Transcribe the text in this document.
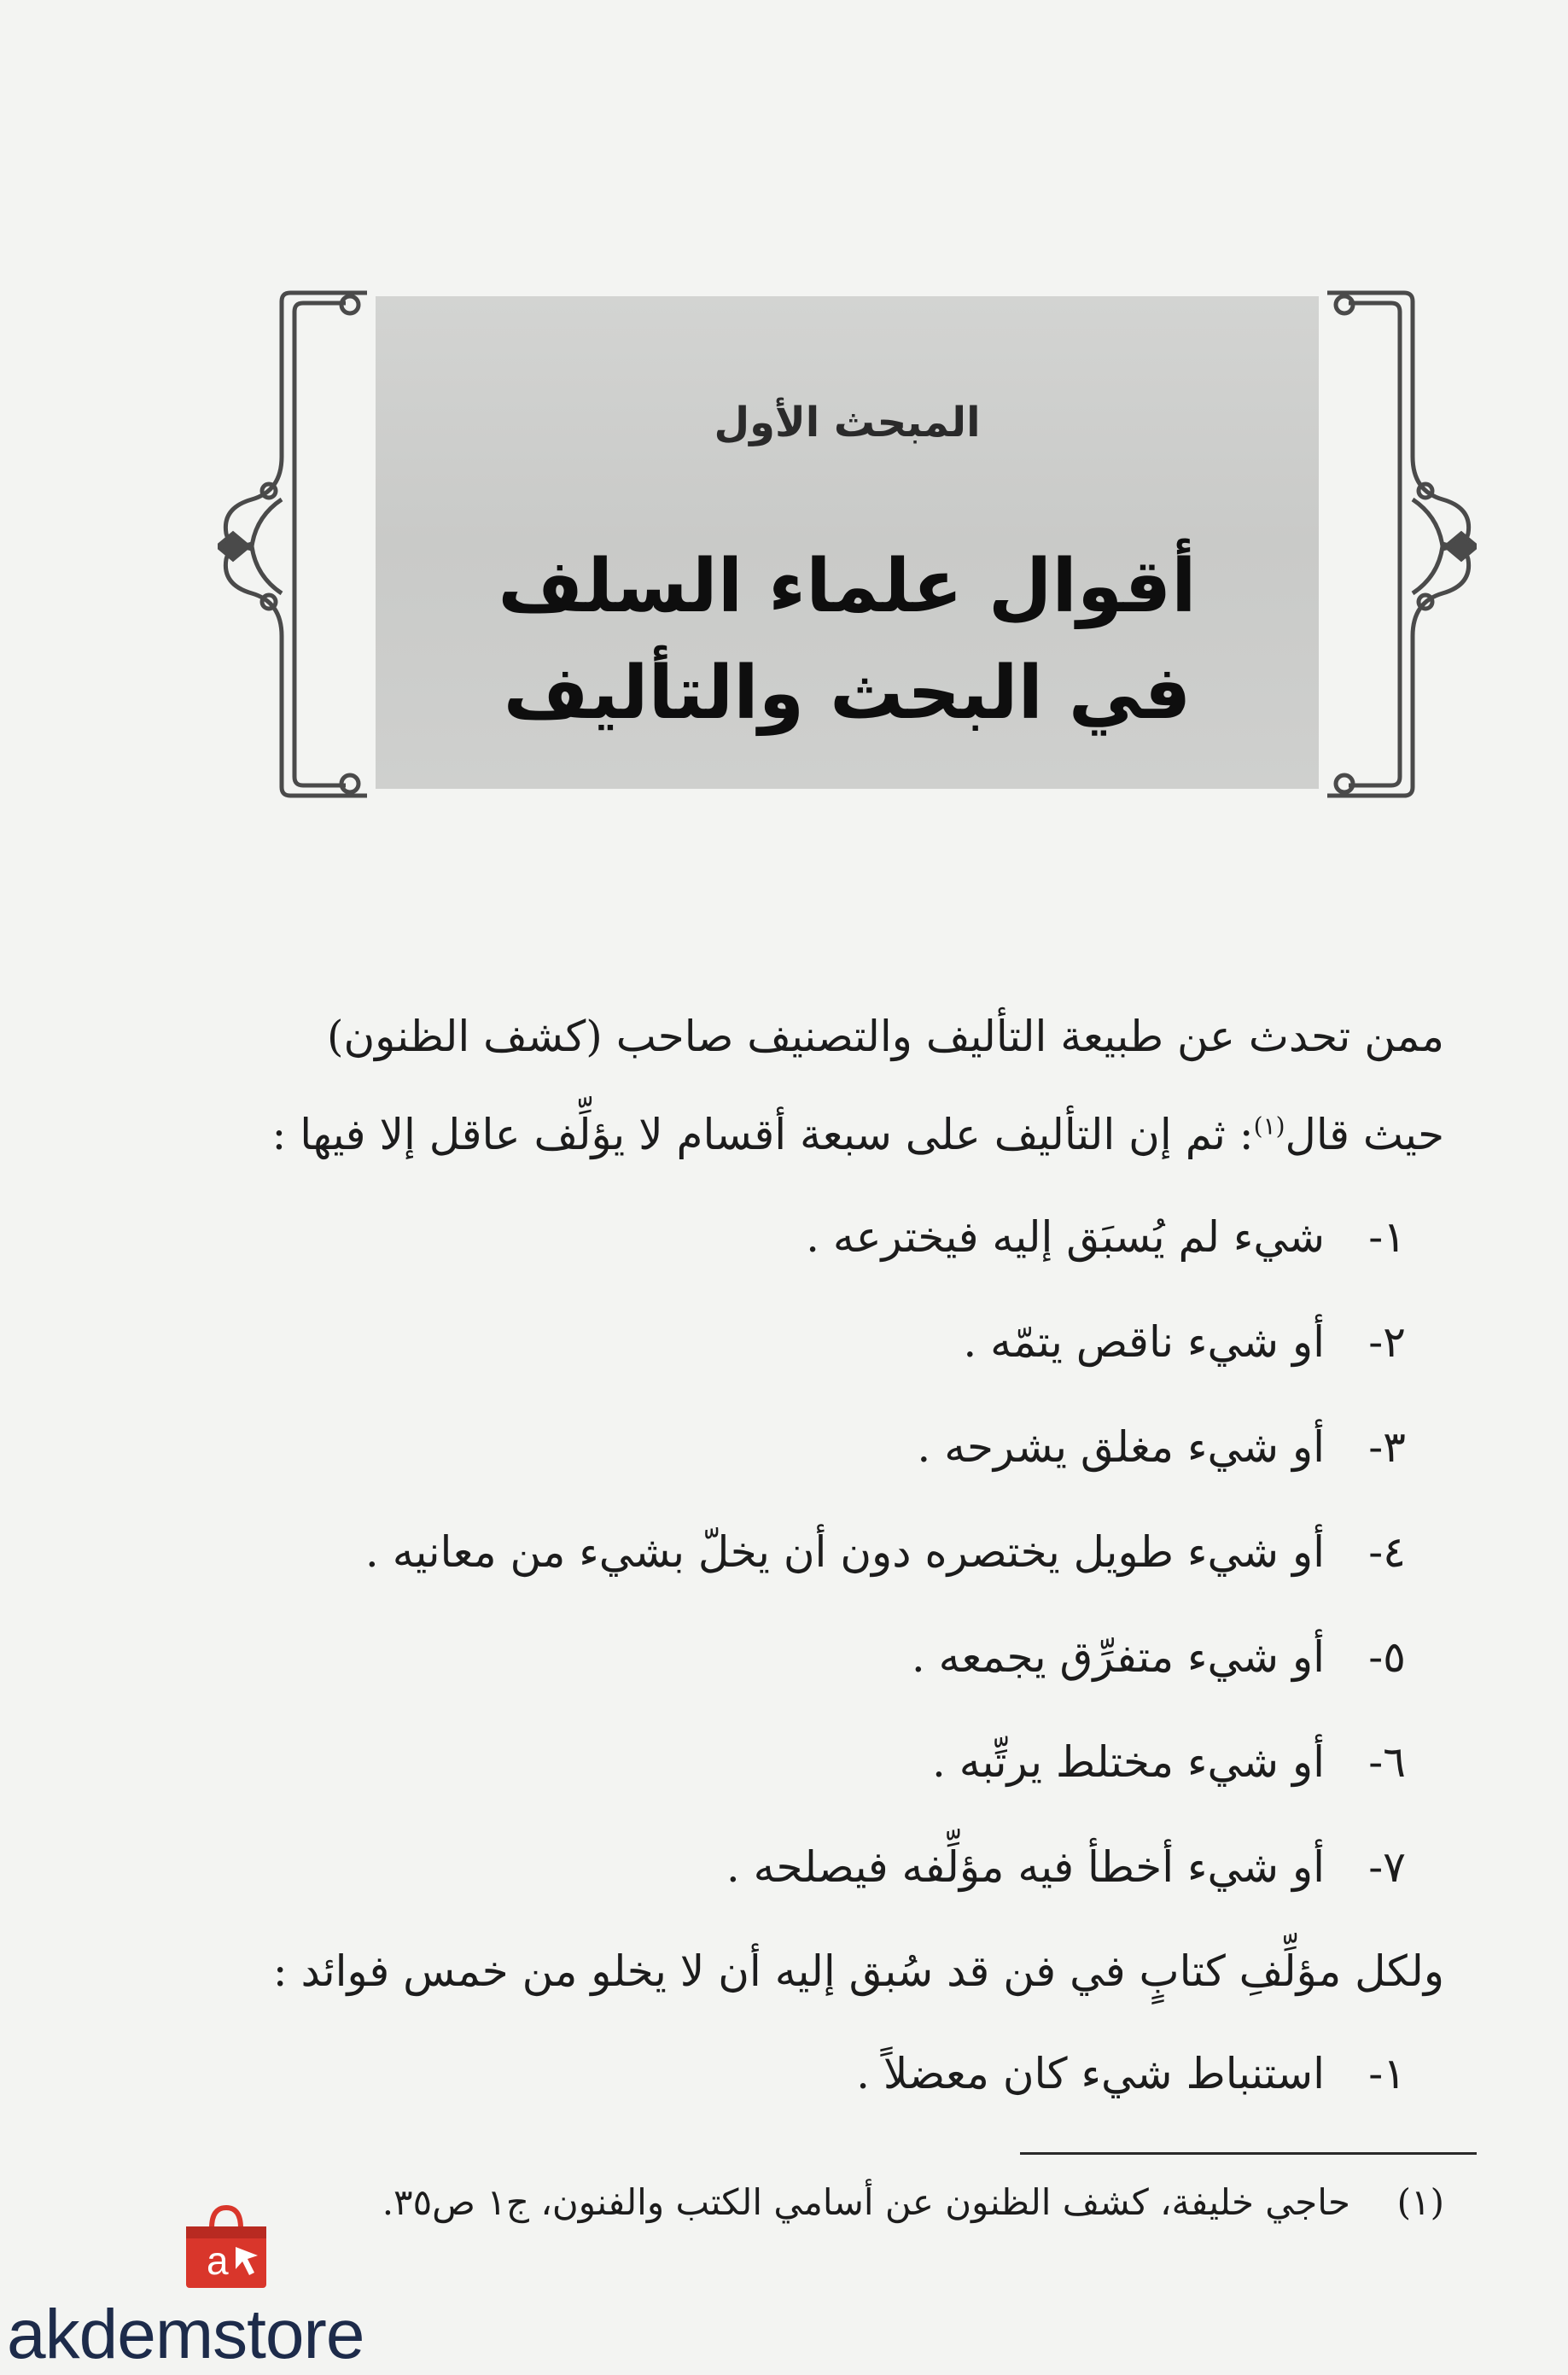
المبحث الأول
أقوال علماء السلف
في البحث والتأليف
ممن تحدث عن طبيعة التأليف والتصنيف صاحب (كشف الظنون)
حيث قال$^{(١)}$: ثم إن التأليف على سبعة أقسام لا يؤلِّف عاقل إلا فيها :
١-شيء لم يُسبَق إليه فيخترعه .
٢-أو شيء ناقص يتمّه .
٣-أو شيء مغلق يشرحه .
٤-أو شيء طويل يختصره دون أن يخلّ بشيء من معانيه .
٥-أو شيء متفرِّق يجمعه .
٦-أو شيء مختلط يرتِّبه .
٧-أو شيء أخطأ فيه مؤلِّفه فيصلحه .
ولكل مؤلِّفِ كتابٍ في فن قد سُبق إليه أن لا يخلو من خمس فوائد :
١-استنباط شيء كان معضلاً .
(١)حاجي خليفة، كشف الظنون عن أسامي الكتب والفنون، ج١ ص٣٥.
a
akdemstore
